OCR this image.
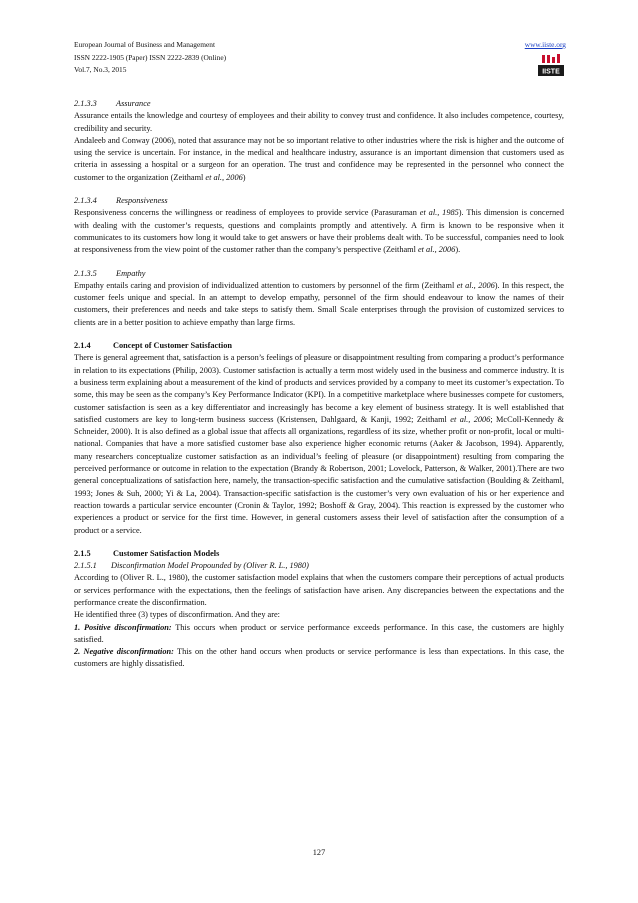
European Journal of Business and Management
ISSN 2222-1905 (Paper) ISSN 2222-2839 (Online)
Vol.7, No.3, 2015
www.iiste.org
IISTE

2.1.3.3 Assurance

Assurance entails the knowledge and courtesy of employees and their ability to convey trust and confidence. It also includes competence, courtesy, credibility and security.

Andaleeb and Conway (2006), noted that assurance may not be so important relative to other industries where the risk is higher and the outcome of using the service is uncertain. For instance, in the medical and healthcare industry, assurance is an important dimension that customers used as criteria in assessing a hospital or a surgeon for an operation. The trust and confidence may be represented in the personnel who connect the customer to the organization (Zeithaml et al., 2006)

2.1.3.4 Responsiveness

Responsiveness concerns the willingness or readiness of employees to provide service (Parasuraman et al., 1985). This dimension is concerned with dealing with the customer’s requests, questions and complaints promptly and attentively. A firm is known to be responsive when it communicates to its customers how long it would take to get answers or have their problems dealt with. To be successful, companies need to look at responsiveness from the view point of the customer rather than the company’s perspective (Zeithaml et al., 2006).

2.1.3.5 Empathy

Empathy entails caring and provision of individualized attention to customers by personnel of the firm (Zeithaml et al., 2006). In this respect, the customer feels unique and special. In an attempt to develop empathy, personnel of the firm should endeavour to know the names of their customers, their preferences and needs and take steps to satisfy them. Small Scale enterprises through the provision of customized services to clients are in a better position to achieve empathy than large firms.

2.1.4	Concept of Customer Satisfaction

There is general agreement that, satisfaction is a person’s feelings of pleasure or disappointment resulting from comparing a product’s performance in relation to its expectations (Philip, 2003). Customer satisfaction is actually a term most widely used in the business and commerce industry. It is a business term explaining about a measurement of the kind of products and services provided by a company to meet its customer’s expectation. To some, this may be seen as the company’s Key Performance Indicator (KPI). In a competitive marketplace where businesses compete for customers, customer satisfaction is seen as a key differentiator and increasingly has become a key element of business strategy. It is well established that satisfied customers are key to long-term business success (Kristensen, Dahlgaard, & Kanji, 1992; Zeithaml et al., 2006; McColl-Kennedy & Schneider, 2000). It is also defined as a global issue that affects all organizations, regardless of its size, whether profit or non-profit, local or multi-national. Companies that have a more satisfied customer base also experience higher economic returns (Aaker & Jacobson, 1994). Apparently, many researchers conceptualize customer satisfaction as an individual’s feeling of pleasure (or disappointment) resulting from comparing the perceived performance or outcome in relation to the expectation (Brandy & Robertson, 2001; Lovelock, Patterson, & Walker, 2001).There are two general conceptualizations of satisfaction here, namely, the transaction-specific satisfaction and the cumulative satisfaction (Boulding & Zeithaml, 1993; Jones & Suh, 2000; Yi & La, 2004). Transaction-specific satisfaction is the customer’s very own evaluation of his or her experience and reaction towards a particular service encounter (Cronin & Taylor, 1992; Boshoff & Gray, 2004). This reaction is expressed by the customer who experiences a product or service for the first time. However, in general customers assess their level of satisfaction after the consumption of a product or a service.

2.1.5	Customer Satisfaction Models

2.1.5.1 Disconfirmation Model Propounded by (Oliver R. L., 1980)

According to (Oliver R. L., 1980), the customer satisfaction model explains that when the customers compare their perceptions of actual products or services performance with the expectations, then the feelings of satisfaction have arisen. Any discrepancies between the expectations and the performance create the disconfirmation.

He identified three (3) types of disconfirmation. And they are:

1. Positive disconfirmation: This occurs when product or service performance exceeds performance. In this case, the customers are highly satisfied.

2. Negative disconfirmation: This on the other hand occurs when products or service performance is less than expectations. In this case, the customers are highly dissatisfied.

127
